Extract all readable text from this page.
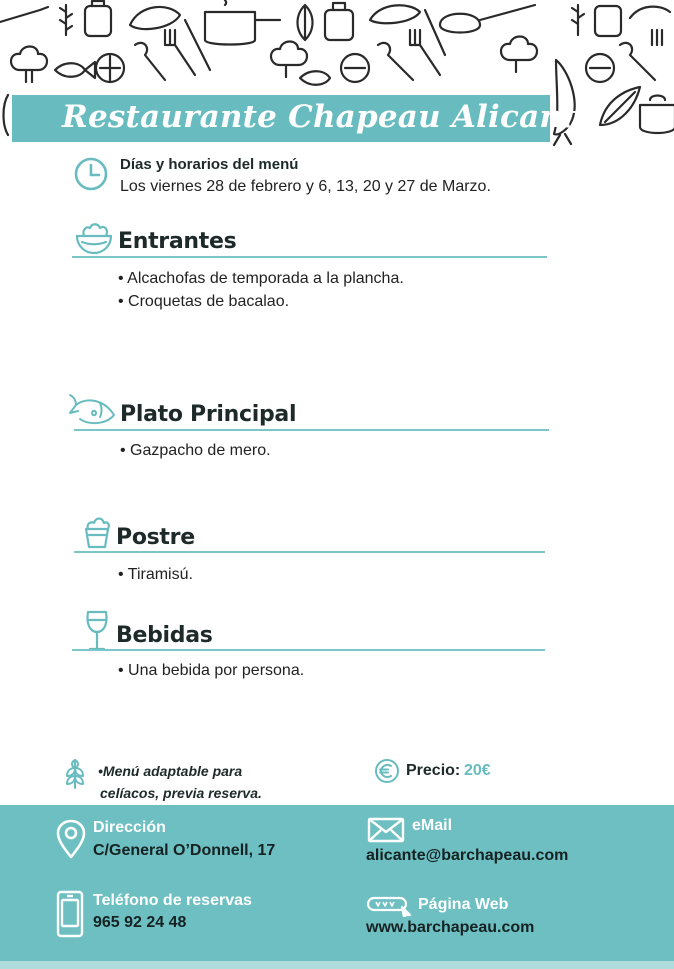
Restaurante Chapeau Alicante
Días y horarios del menú
Los viernes 28 de febrero y 6, 13, 20 y 27 de Marzo.
Entrantes
• Alcachofas de temporada a la plancha.
• Croquetas de bacalao.
Plato Principal
• Gazpacho de mero.
Postre
• Tiramisú.
Bebidas
• Una bebida por persona.
•Menú adaptable para
celíacos, previa reserva.
Precio: 20€
Dirección
C/General O’Donnell, 17
Teléfono de reservas
965 92 24 48
eMail
alicante@barchapeau.com
Página Web
www.barchapeau.com
